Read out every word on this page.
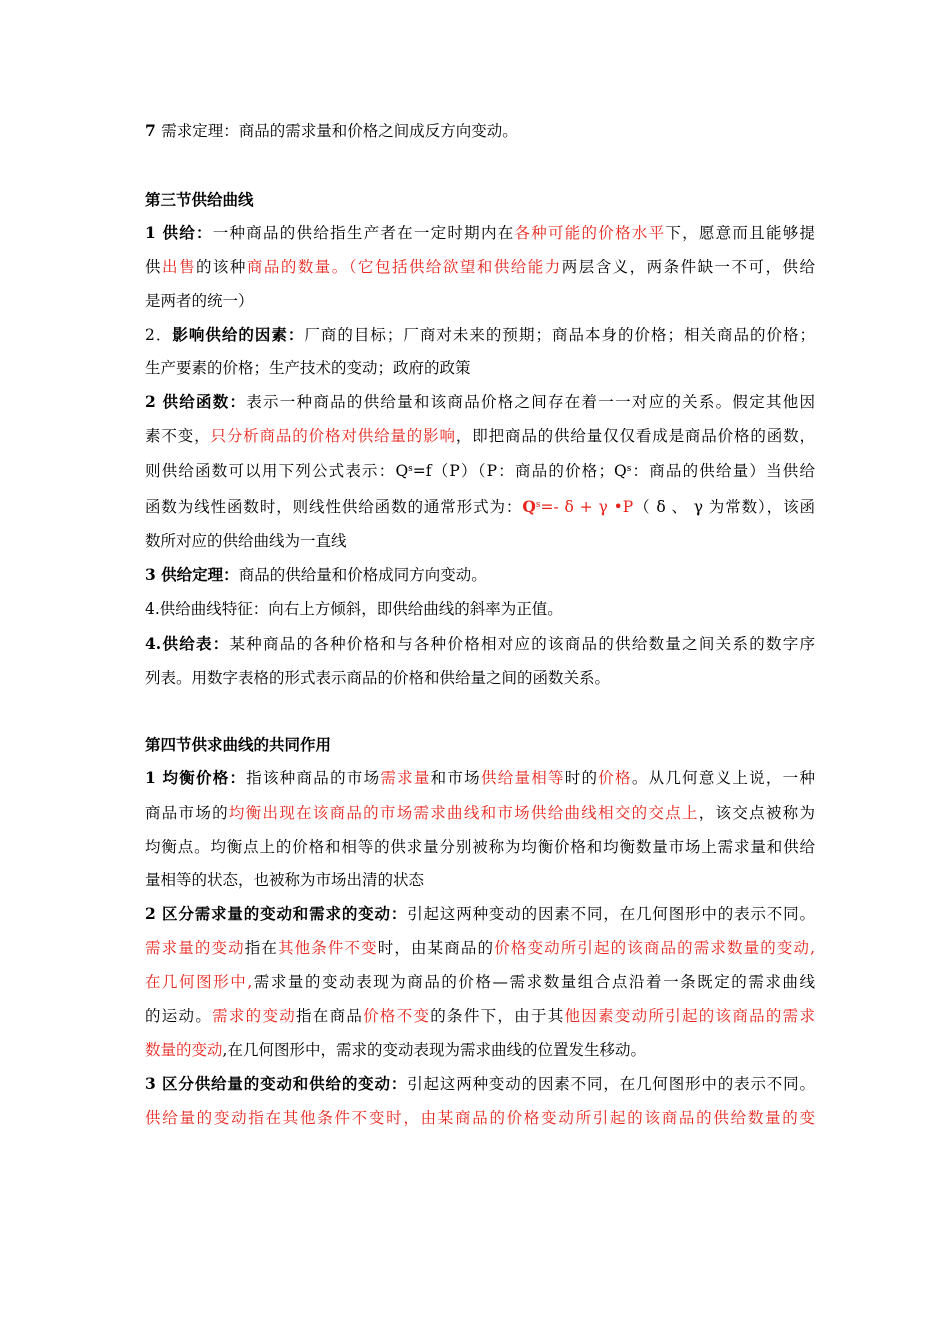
7 需求定理：商品的需求量和价格之间成反方向变动。
第三节供给曲线
1 供给：一种商品的供给指生产者在一定时期内在各种可能的价格水平下，愿意而且能够提
供出售的该种商品的数量。（它包括供给欲望和供给能力两层含义，两条件缺一不可，供给
是两者的统一）
2．影响供给的因素：厂商的目标；厂商对未来的预期；商品本身的价格；相关商品的价格；
生产要素的价格；生产技术的变动；政府的政策
2 供给函数：表示一种商品的供给量和该商品价格之间存在着一一对应的关系。假定其他因
素不变，只分析商品的价格对供给量的影响，即把商品的供给量仅仅看成是商品价格的函数，
则供给函数可以用下列公式表示：$Q^s=f(P)(P$：商品的价格；$Q^s$：商品的供给量）当供给
函数为线性函数时，则线性供给函数的通常形式为：$Q^s=-$ δ + γ •P（ δ 、 γ 为常数），该函
数所对应的供给曲线为一直线
3 供给定理：商品的供给量和价格成同方向变动。
4.供给曲线特征：向右上方倾斜，即供给曲线的斜率为正值。
4.供给表：某种商品的各种价格和与各种价格相对应的该商品的供给数量之间关系的数字序
列表。用数字表格的形式表示商品的价格和供给量之间的函数关系。
第四节供求曲线的共同作用
1 均衡价格：指该种商品的市场需求量和市场供给量相等时的价格。从几何意义上说，一种
商品市场的均衡出现在该商品的市场需求曲线和市场供给曲线相交的交点上，该交点被称为
均衡点。均衡点上的价格和相等的供求量分别被称为均衡价格和均衡数量市场上需求量和供给
量相等的状态，也被称为市场出清的状态
2 区分需求量的变动和需求的变动：引起这两种变动的因素不同，在几何图形中的表示不同。
需求量的变动指在其他条件不变时，由某商品的价格变动所引起的该商品的需求数量的变动,
在几何图形中,需求量的变动表现为商品的价格—需求数量组合点沿着一条既定的需求曲线
的运动。需求的变动指在商品价格不变的条件下，由于其他因素变动所引起的该商品的需求
数量的变动,在几何图形中，需求的变动表现为需求曲线的位置发生移动。
3 区分供给量的变动和供给的变动：引起这两种变动的因素不同，在几何图形中的表示不同。
供给量的变动指在其他条件不变时，由某商品的价格变动所引起的该商品的供给数量的变
